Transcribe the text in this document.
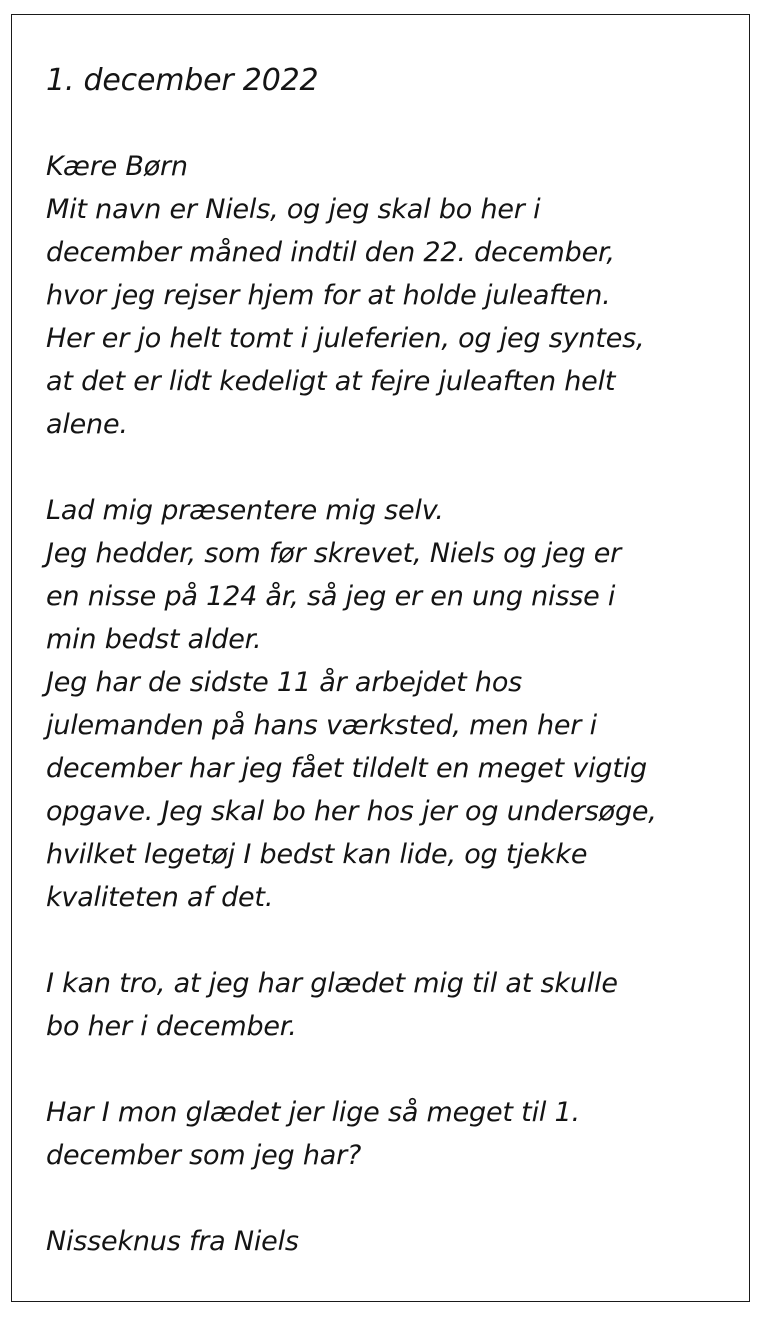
1. december 2022
Kære Børn
Mit navn er Niels, og jeg skal bo her i
december måned indtil den 22. december,
hvor jeg rejser hjem for at holde juleaften.
Her er jo helt tomt i juleferien, og jeg syntes,
at det er lidt kedeligt at fejre juleaften helt
alene.
Lad mig præsentere mig selv.
Jeg hedder, som før skrevet, Niels og jeg er
en nisse på 124 år, så jeg er en ung nisse i
min bedst alder.
Jeg har de sidste 11 år arbejdet hos
julemanden på hans værksted, men her i
december har jeg fået tildelt en meget vigtig
opgave. Jeg skal bo her hos jer og undersøge,
hvilket legetøj I bedst kan lide, og tjekke
kvaliteten af det.
I kan tro, at jeg har glædet mig til at skulle
bo her i december.
Har I mon glædet jer lige så meget til 1.
december som jeg har?
Nisseknus fra Niels
